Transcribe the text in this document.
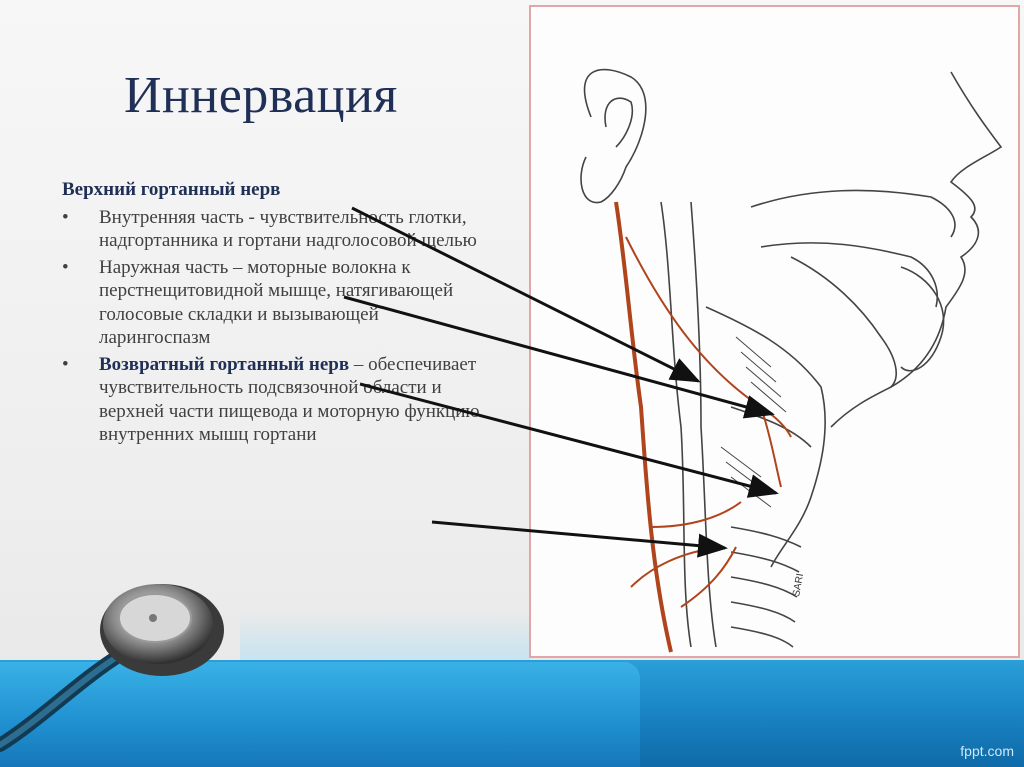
Иннервация
Верхний гортанный нерв
• Внутренняя часть - чувствительность глотки, надгортанника и гортани надголосовой щелью
• Наружная часть – моторные волокна к перстнещитовидной мышце, натягивающей голосовые складки и вызывающей ларингоспазм
• Возвратный гортанный нерв – обеспечивает чувствительность подсвязочной области и верхней части пищевода и моторную функцию внутренних мышц гортани
SARI
fppt.com
